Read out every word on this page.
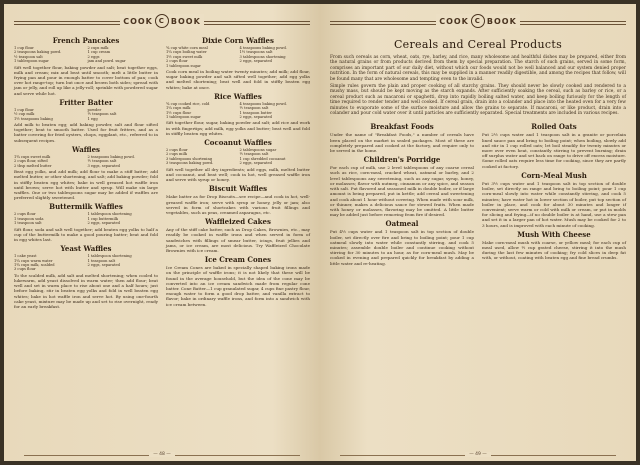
COOK C BOOK
French Pancakes
1 cup flour	2 cups milk
2 teaspoons baking powd.	1 cup cream
½ teaspoon salt	2 eggs
1 tablespoon sugar	jam and powd. sugar
Sift well together flour, baking powder and salt; beat together eggs, milk and cream; mix and beat until smooth; melt a little butter in frying pan and pour in enough batter to cover bottom of pan; cook over hot range-top; turn but once and brown both sides; spread with jam or jelly, and roll up like a jelly-roll; sprinkle with powdered sugar and serve while hot.
Fritter Batter
1 cup flour	powder
½ cup milk	½ teaspoon salt
1½ teaspoons baking	1 egg
Add milk to beaten egg; add baking powder, salt and flour sifted together; beat to smooth batter. Used for fruit fritters, and as a batter covering for fried oysters, chops, eggplant, etc., referred to in subsequent recipes.
Waffles
1¾ cups sweet milk	2 teaspoons baking powd.
2 cups flour, sifted	½ teaspoon salt
2 tbsp melted butter	3 eggs, separated
Beat egg yolks, and add milk; add flour to make a stiff batter; add melted butter, or other shortening, and salt; add baking powder; fold in stiffly beaten egg whites; bake in well greased hot waffle iron until brown; serve hot with butter and syrup. Will make six large waffles. One or two tablespoons sugar may be added if waffles are preferred slightly sweetened.
Buttermilk Waffles
2 cups flour	1 tablespoon shortening
1 teaspoon soda	1 cup buttermilk
1 teaspoon salt	2 eggs, separated
Sift flour, soda and salt well together; add beaten egg yolks to half a cup of the buttermilk to make a good pouring batter; beat and fold in egg whites last.
Yeast Waffles
1 cake yeast	1 tablespoon shortening
1¼ cups warm water	1 teaspoon salt
1¾ cups milk, scalded	2 eggs, separated
3 cups flour
To the scalded milk, add salt and melted shortening; when cooled to lukewarm, add yeast dissolved in warm water; then add flour; beat well and set in warm place to rise about one and a half hours; just before baking, stir in beaten egg yolks and fold in well beaten egg whites; bake in hot waffle iron and serve hot. By using one-fourth cake yeast, mixture may be made up and set to rise overnight, ready for an early breakfast.
Dixie Corn Waffles
¾ cup white corn meal	4 teaspoons baking powd.
1¼ cups boiling water	1½ teaspoons salt
1½ cups sweet milk	3 tablespoons shortening
2 cups flour	2 eggs, separated
1 tablespoon sugar
Cook corn meal in boiling water twenty minutes; add milk; add flour, sugar baking powder and salt sifted well together; add egg yolks and melted shortening; beat well and fold in stiffly beaten egg whites; bake at once.
Rice Waffles
¾ cup cooked rice, cold	4 teaspoons baking powd.
1¼ cups milk	½ teaspoon salt
1½ cups flour	1 teaspoon butter
1 tablespoon sugar	2 eggs, separated
Sift together flour, sugar, baking powder and salt; add rice and work in with fingertips; add milk, egg yolks and butter; beat well and fold in stiffly beaten egg whites.
Cocoanut Waffles
2 cups flour	2 tablespoons sugar
2 cups milk	½ teaspoon salt
3 tablespoons shortening	1 cup shredded cocoanut
3 teaspoons baking powd.	2 eggs, separated
Sift well together all dry ingredients; add eggs, milk, melted butter and cocoanut, and beat well; cook in hot, well greased waffle iron and serve with syrup or honey.
Biscuit Waffles
Make batter as for Drop Biscuits—see recipe—and cook in hot, well-greased waffle iron; serve with syrup or honey, jelly or jam; also served in form of shortcakes with various fruit fillings and vegetables, such as peas, creamed asparagus, etc.
Waffleized Cakes
Any of the stiff cake batter, such as Drop Cakes, Brownies, etc., may readily be cooked in waffle irons and when served in form of sandwiches with fillings of smear butter, icings, fruit jellies and jams, or ice cream, are most delicious. Try Waffleized Chocolate Brownies with ice cream.
Ice Cream Cones
Ice Cream Cones are baked in specially shaped baking irons made on the principle of waffle irons; it is not likely that these will be found in the average household, but the idea of the cone may be converted into an ice cream sandwich made from regular cone batter. Cone Batter—1 cup granulated sugar, 4 cups fine pastry flour, enough water to form a good drop batter, and vanilla extract to flavor; bake in ordinary waffle irons, and form into a sandwich with ice cream between.
— 48 —
COOK C BOOK
Cereals and Cereal Products
From such cereals as corn, wheat, oats, rye, barley, and rice, many wholesome and healthful dishes may be prepared, either from the natural grains or from products derived from them by special preparation. The starch of such grains, served in some form, comprises an important part of our daily diet, without which our foods would not be well balanced and our system denied proper nutrition. In the form of natural cereals, this may be supplied in a manner readily digestible, and among the recipes that follow, will be found many that are wholesome and tempting even to the invalid.
Simple rules govern the plain and proper cooking of all starchy grains. They should never be slowly cooked and rendered to a mushy mass, but should be kept moving as the starch expands. After sufficiently soaking the cereal, such as barley or rice, or a cereal product such as macaroni or spaghetti, drop into rapidly boiling salted water, and keep boiling furiously for the length of time required to render tender and well cooked. If cereal grain, drain into a colander and place into the heated oven for a very few minutes to evaporate some of the surface moisture and allow the grains to separate. If macaroni, or like product, drain into a colander and pour cold water over it until particles are sufficiently separated. Special treatments are included in various recipes.
Breakfast Foods
Under the name of "Breakfast Foods," a number of cereals have been placed on the market in sealed packages. Most of these are completely prepared and cooked at the factory, and require only to be served in the home.
Children's Porridge
For each cup of milk, use 2 level tablespoons of any coarse cereal such as rice, corn-meal, cracked wheat, oatmeal or barley, and 2 level tablespoons any sweetening, such as any sugar, syrup, honey, or molasses; flavor with nutmeg, cinnamon or any spice, and season with salt. Put flavored and seasoned milk in double boiler, or if large amount is being prepared, put in kettle; add cereal and sweetening and cook about 1 hour without covering. When made with sour milk, or thinner, makes a delicious sauce for stewed fruits. When made with honey or molasses, flavoring may be omitted. A little butter may be added just before removing from fire if desired.
Oatmeal
Put 4½ cups water and 1 teaspoon salt in top section of double boiler, set directly over fire and bring to boiling point; pour 1 cup oatmeal slowly into water while constantly stirring, and cook 5 minutes; assemble double boiler and continue cooking without stirring for 30 minutes to an hour, as for corn-meal mush. May be cooked in evening and prepared quickly for breakfast by adding a little water and re-heating.
Rolled Oats
Put 2½ cups water and 1 teaspoon salt in a granite or porcelain lined sauce pan and bring to boiling point; when boiling, slowly add and stir in 1 cup rolled oats; let boil steadily for twenty minutes or more over even heat, constantly stirring to prevent burning; drain off surplus water and set back on range to drive off excess moisture. Some rolled oats require less time for cooking, since they are partly cooked at factory.
Corn-Meal Mush
Put 3½ cups water and 1 teaspoon salt in top section of double boiler, set directly on range and bring to boiling point; pour 1 cup corn-meal slowly into water while constantly stirring, and cook 5 minutes; have water hot in lower section of boiler, put top section of boiler in place, and cook for about 30 minutes and longer if convenient; serve warm or cold with milk or cream, or put in molds for slicing and frying—if no double boiler is at hand, use a stew pan and set it in a larger pan of hot water. Mush may be cooked for 2 to 3 hours, and is improved with each minute of cooking.
Mush With Cheese
Make corn-meal mush with coarse, or yellow meal; for each cup of meal used, allow ½ cup grated cheese, stirring it into the mush during the last few minutes of cooking; fry cold slices in deep fat with, or without, coating with beaten egg and fine bread crumbs.
— 49 —
